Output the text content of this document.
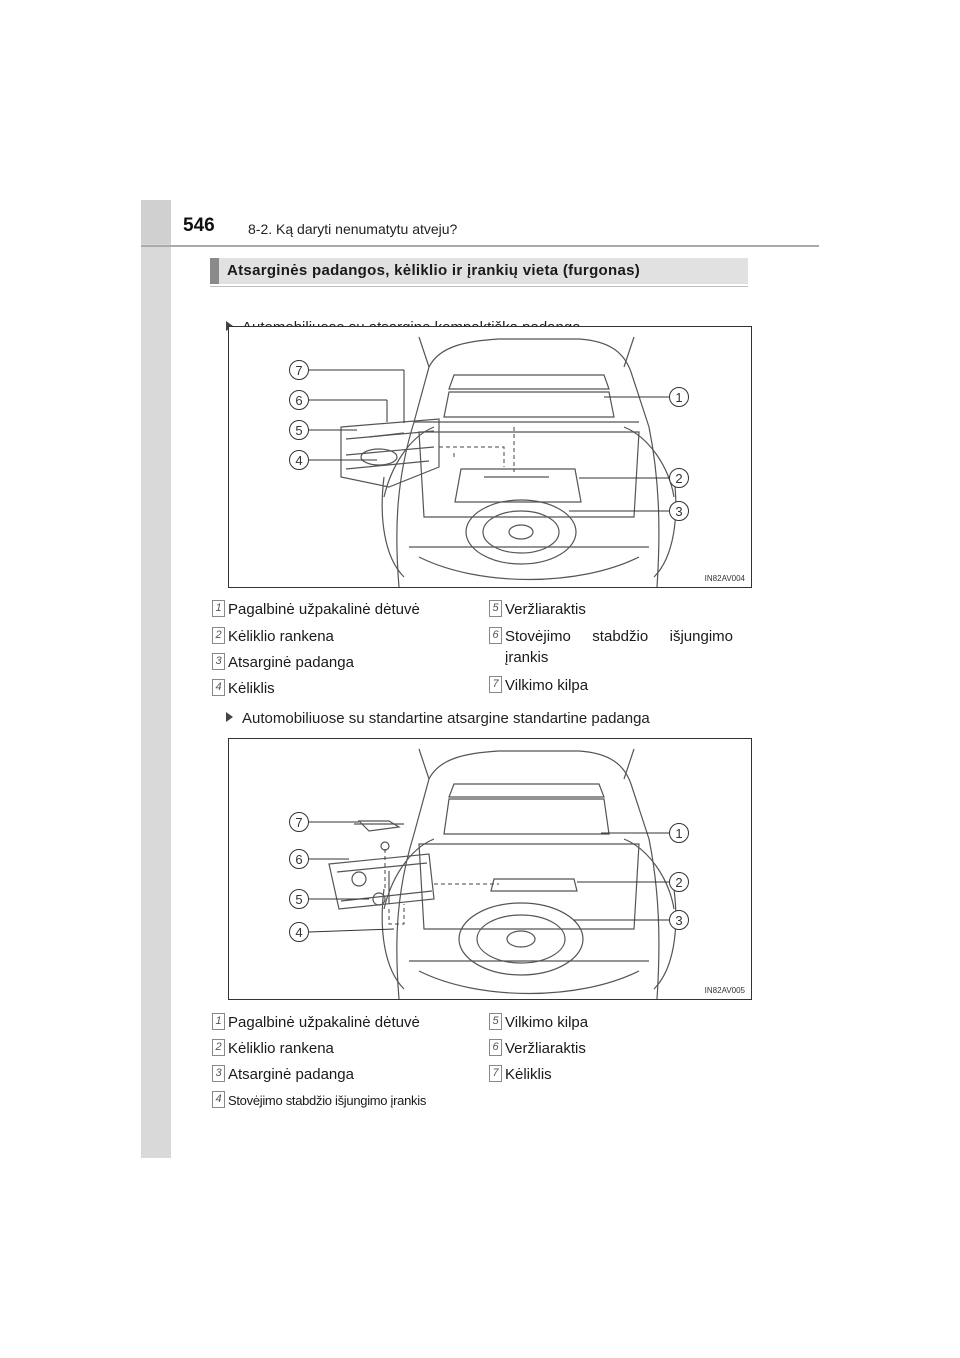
546 8-2. Ką daryti nenumatytu atveju?
Atsarginės padangos, kėliklio ir įrankių vieta (furgonas)
7
6
5
4
1
2
3
IN82AV004
1 Pagalbinė užpakalinė dėtuvė
2 Kėliklio rankena
3 Atsarginė padanga
4 Kėliklis
5 Veržliaraktis
6 Stovėjimo stabdžio išjungimo
įrankis
7 Vilkimo kilpa
Automobiliuose su standartine atsargine standartine padanga
7
6
5
4
1
2
3
IN82AV005
1 Pagalbinė užpakalinė dėtuvė
2 Kėliklio rankena
3 Atsarginė padanga
4 Stovėjimo stabdžio išjungimo įrankis
5 Vilkimo kilpa
6 Veržliaraktis
7 Kėliklis
